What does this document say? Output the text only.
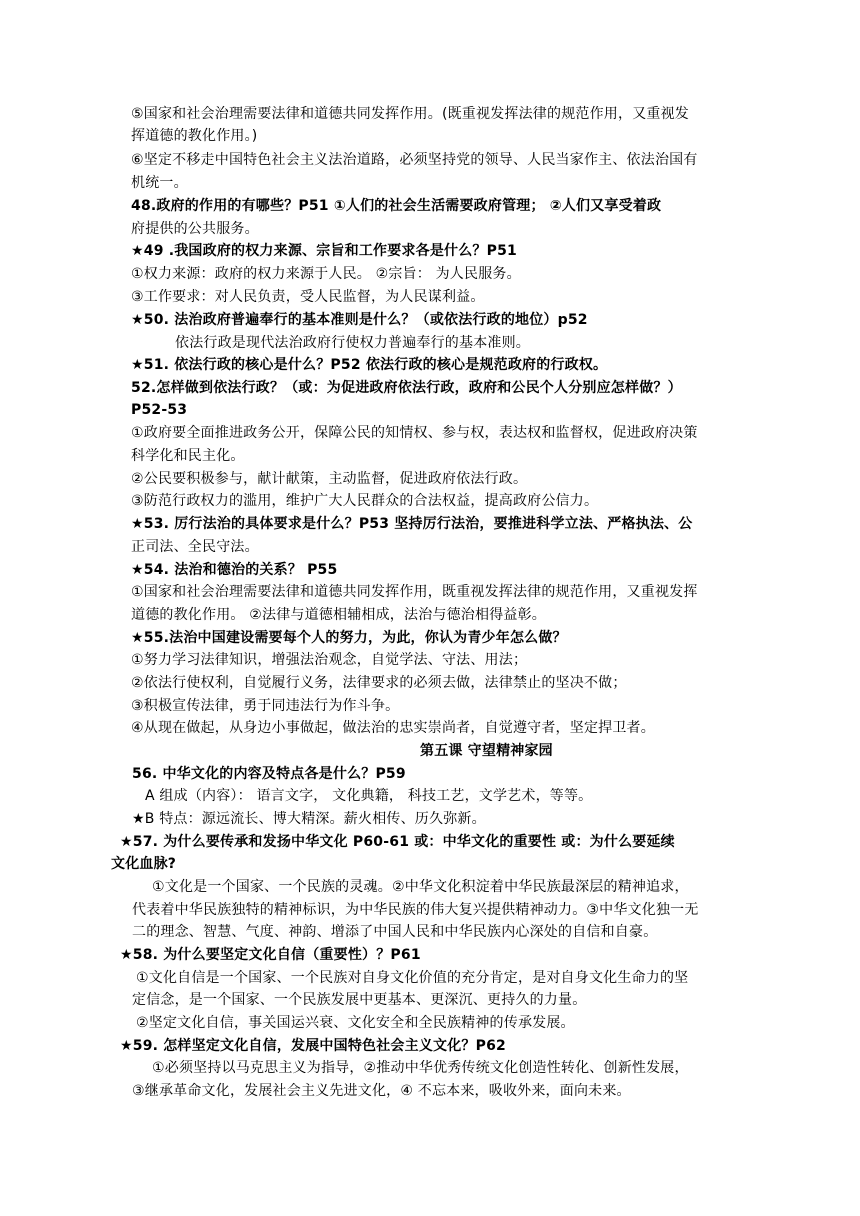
⑤国家和社会治理需要法律和道德共同发挥作用。(既重视发挥法律的规范作用，又重视发
挥道德的教化作用。)
⑥坚定不移走中国特色社会主义法治道路，必须坚持党的领导、人民当家作主、依法治国有
机统一。
48.政府的作用的有哪些？P51 ①人们的社会生活需要政府管理； ②人们又享受着政
府提供的公共服务。
★49 .我国政府的权力来源、宗旨和工作要求各是什么？P51
①权力来源：政府的权力来源于人民。 ②宗旨： 为人民服务。
③工作要求：对人民负责，受人民监督，为人民谋利益。
★50. 法治政府普遍奉行的基本准则是什么？（或依法行政的地位）p52
依法行政是现代法治政府行使权力普遍奉行的基本准则。
★51. 依法行政的核心是什么？P52 依法行政的核心是规范政府的行政权。
52.怎样做到依法行政？（或：为促进政府依法行政，政府和公民个人分别应怎样做？）
P52-53
①政府要全面推进政务公开，保障公民的知情权、参与权，表达权和监督权，促进政府决策
科学化和民主化。
②公民要积极参与，献计献策，主动监督，促进政府依法行政。
③防范行政权力的滥用，维护广大人民群众的合法权益，提高政府公信力。
★53. 厉行法治的具体要求是什么？P53 坚持厉行法治，要推进科学立法、严格执法、公
正司法、全民守法。
★54. 法治和德治的关系？ P55
①国家和社会治理需要法律和道德共同发挥作用，既重视发挥法律的规范作用，又重视发挥
道德的教化作用。 ②法律与道德相辅相成，法治与德治相得益彰。
★55.法治中国建设需要每个人的努力，为此，你认为青少年怎么做？
①努力学习法律知识，增强法治观念，自觉学法、守法、用法；
②依法行使权利，自觉履行义务，法律要求的必须去做，法律禁止的坚决不做；
③积极宣传法律，勇于同违法行为作斗争。
④从现在做起，从身边小事做起，做法治的忠实崇尚者，自觉遵守者，坚定捍卫者。
第五课 守望精神家园
56. 中华文化的内容及特点各是什么？P59
A 组成（内容）： 语言文字， 文化典籍， 科技工艺，文学艺术，等等。
★B 特点：源远流长、博大精深。薪火相传、历久弥新。
★57. 为什么要传承和发扬中华文化 P60-61 或：中华文化的重要性 或：为什么要延续
文化血脉?
①文化是一个国家、一个民族的灵魂。②中华文化积淀着中华民族最深层的精神追求，
代表着中华民族独特的精神标识，为中华民族的伟大复兴提供精神动力。③中华文化独一无
二的理念、智慧、气度、神韵、增添了中国人民和中华民族内心深处的自信和自豪。
★58. 为什么要坚定文化自信（重要性）？P61
①文化自信是一个国家、一个民族对自身文化价值的充分肯定，是对自身文化生命力的坚
定信念，是一个国家、一个民族发展中更基本、更深沉、更持久的力量。
②坚定文化自信，事关国运兴衰、文化安全和全民族精神的传承发展。
★59. 怎样坚定文化自信，发展中国特色社会主义文化？P62
①必须坚持以马克思主义为指导，②推动中华优秀传统文化创造性转化、创新性发展，
③继承革命文化，发展社会主义先进文化，④ 不忘本来，吸收外来，面向未来。
